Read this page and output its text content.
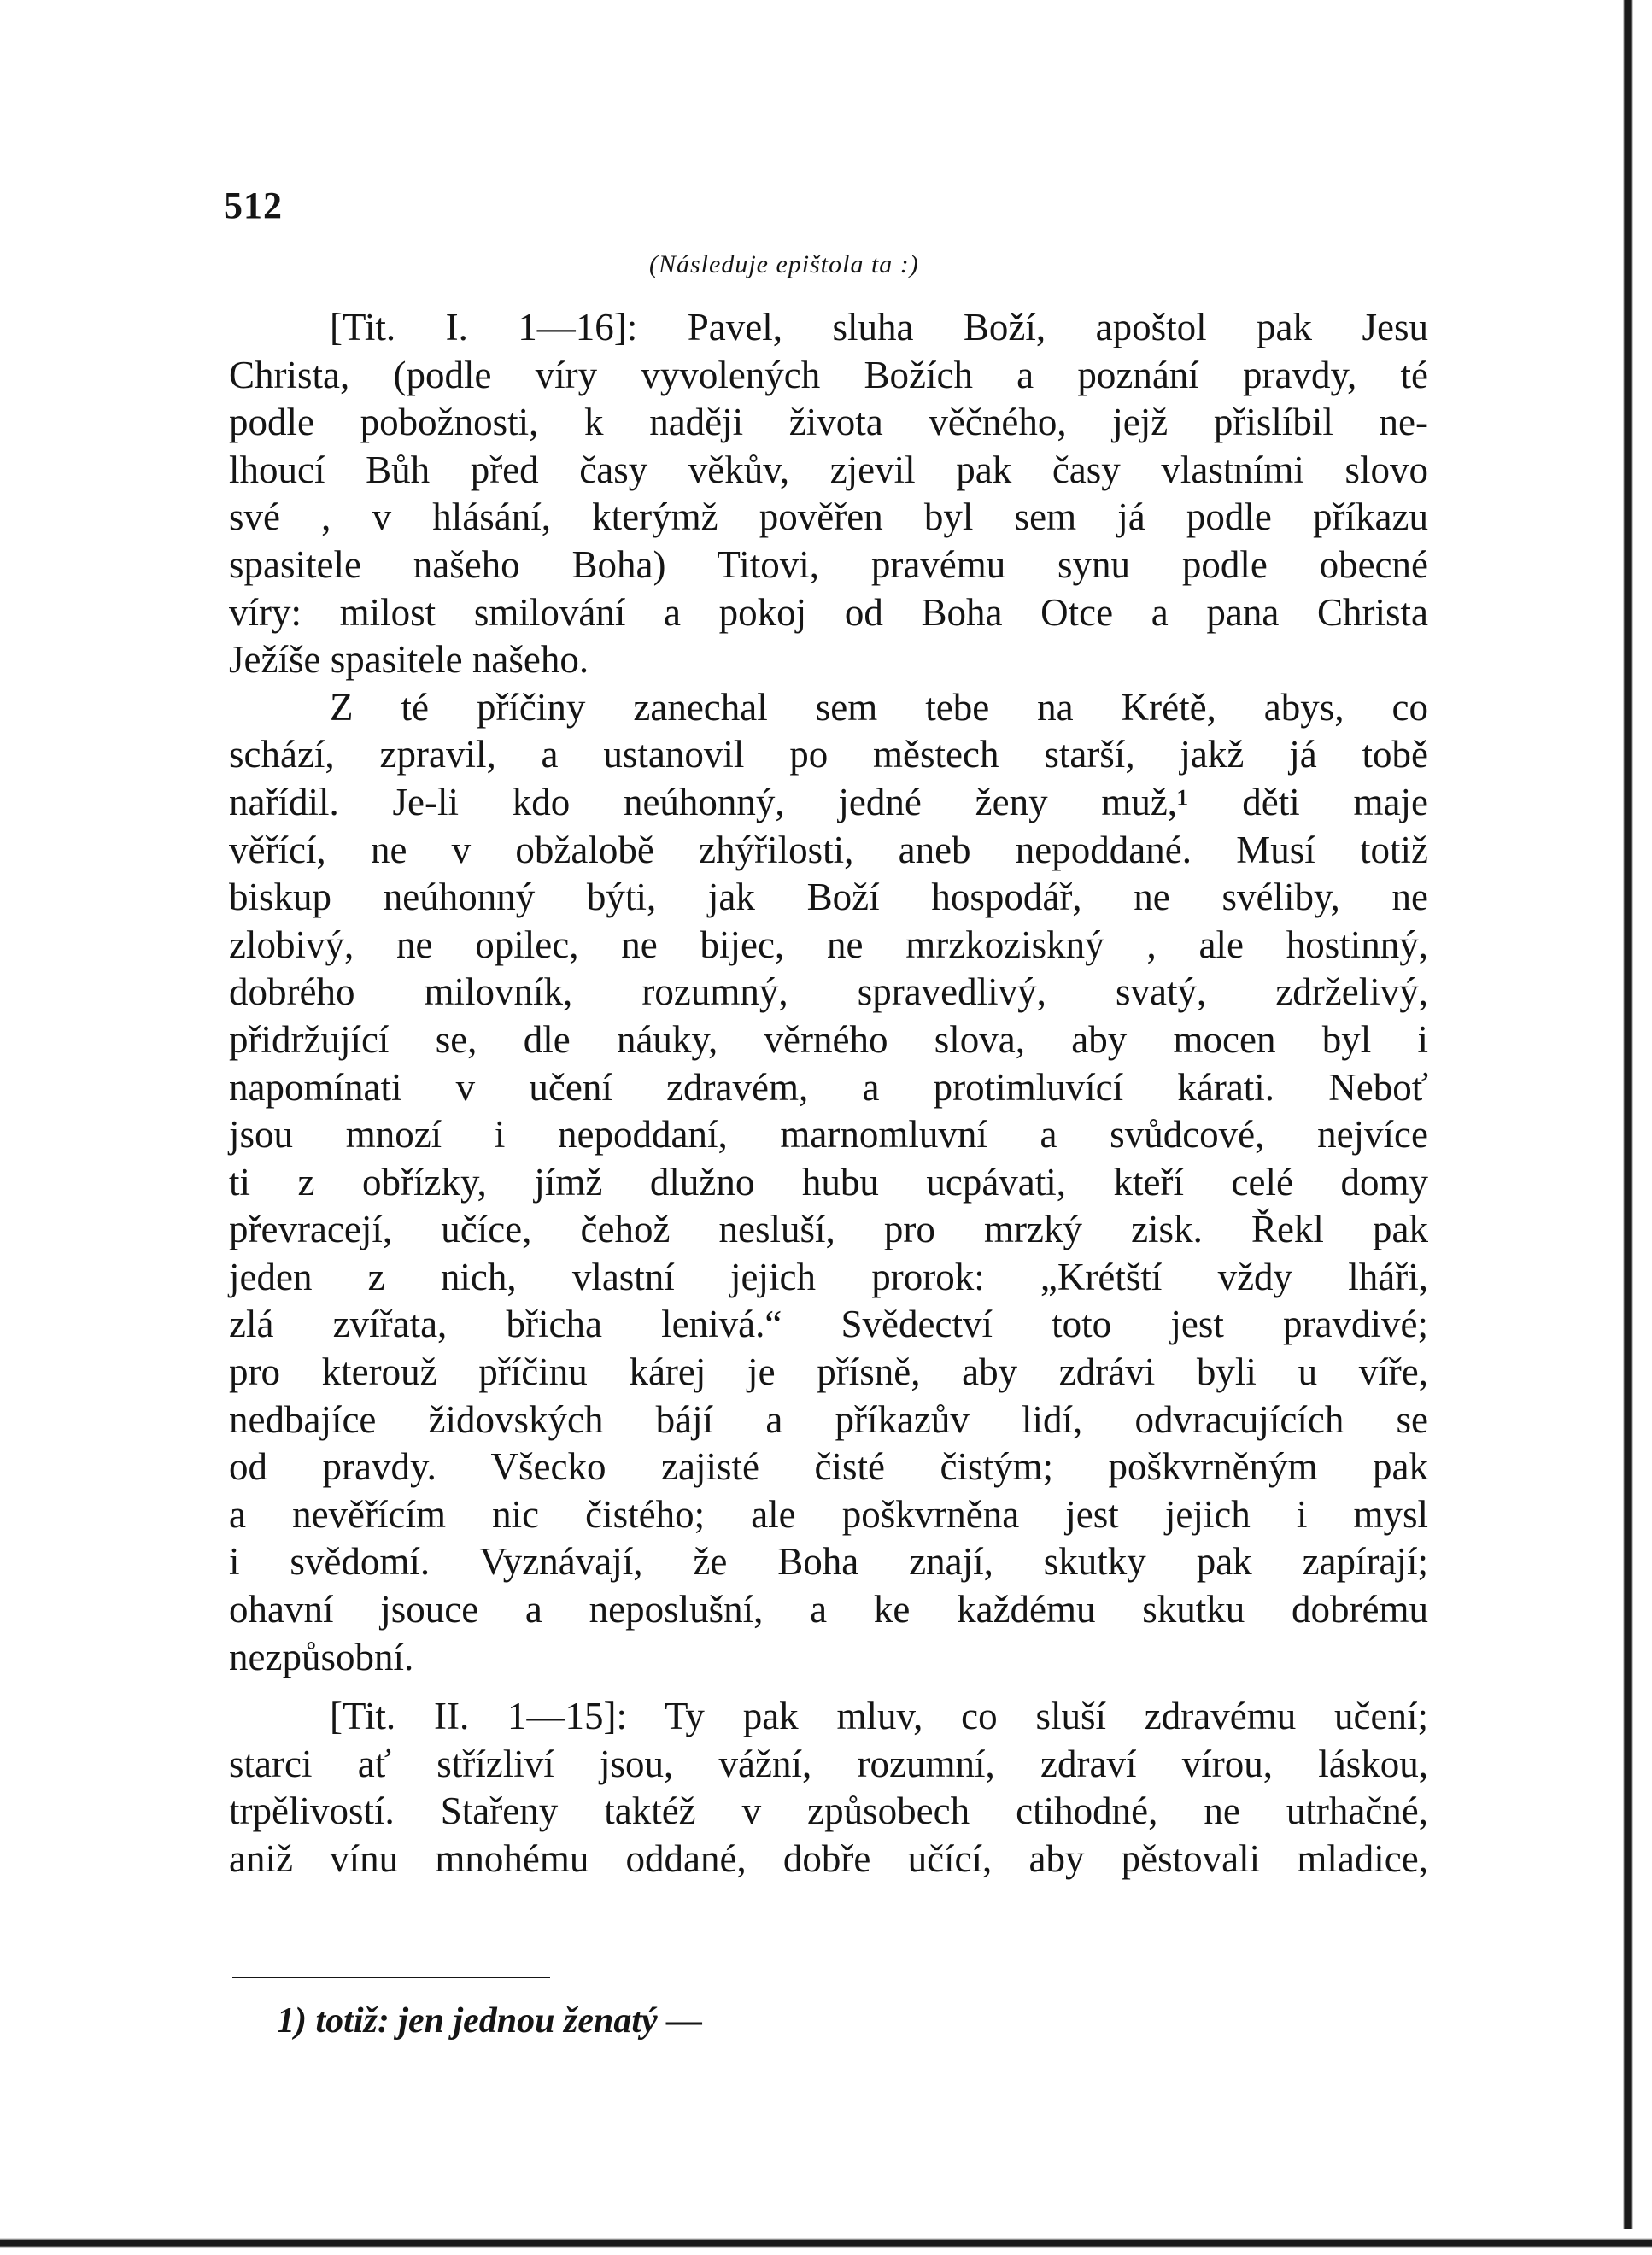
512
(Následuje epištola ta :)
[Tit. I. 1—16]: Pavel, sluha Boží, apoštol pak Jesu
Christa, (podle víry vyvolených Božích a poznání pravdy, té
podle pobožnosti, k naději života věčného, jejž přislíbil ne-
lhoucí Bůh před časy věkův, zjevil pak časy vlastními slovo
své , v hlásání, kterýmž pověřen byl sem já podle příkazu
spasitele našeho Boha) Titovi, pravému synu podle obecné
víry: milost smilování a pokoj od Boha Otce a pana Christa
Ježíše spasitele našeho.
Z té příčiny zanechal sem tebe na Krétě, abys, co
schází, zpravil, a ustanovil po městech starší, jakž já tobě
nařídil. Je-li kdo neúhonný, jedné ženy muž,¹ děti maje
věřící, ne v obžalobě zhýřilosti, aneb nepoddané. Musí totiž
biskup neúhonný býti, jak Boží hospodář, ne svéliby, ne
zlobivý, ne opilec, ne bijec, ne mrzkoziskný , ale hostinný,
dobrého milovník, rozumný, spravedlivý, svatý, zdrželivý,
přidržující se, dle náuky, věrného slova, aby mocen byl i
napomínati v učení zdravém, a protimluvící kárati. Neboť
jsou mnozí i nepoddaní, marnomluvní a svůdcové, nejvíce
ti z obřízky, jímž dlužno hubu ucpávati, kteří celé domy
převracejí, učíce, čehož nesluší, pro mrzký zisk. Řekl pak
jeden z nich, vlastní jejich prorok: „Krétští vždy lháři,
zlá zvířata, břicha lenivá.“ Svědectví toto jest pravdivé;
pro kterouž příčinu kárej je přísně, aby zdrávi byli u víře,
nedbajíce židovských bájí a příkazův lidí, odvracujících se
od pravdy. Všecko zajisté čisté čistým; poškvrněným pak
a nevěřícím nic čistého; ale poškvrněna jest jejich i mysl
i svědomí. Vyznávají, že Boha znají, skutky pak zapírají;
ohavní jsouce a neposlušní, a ke každému skutku dobrému
nezpůsobní.
[Tit. II. 1—15]: Ty pak mluv, co sluší zdravému učení;
starci ať střízliví jsou, vážní, rozumní, zdraví vírou, láskou,
trpělivostí. Stařeny taktéž v způsobech ctihodné, ne utrhačné,
aniž vínu mnohému oddané, dobře učící, aby pěstovali mladice,
1) totiž: jen jednou ženatý —
